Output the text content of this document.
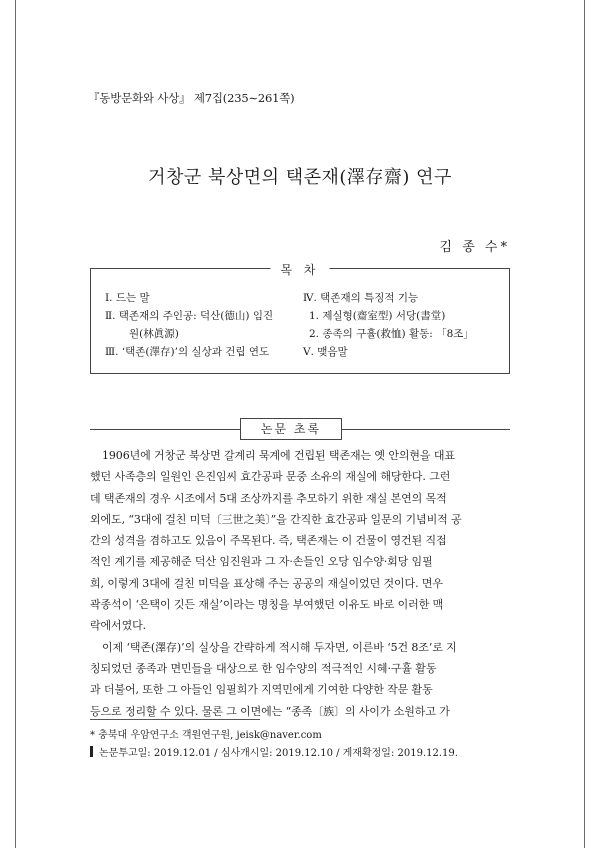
『동방문화와 사상』 제7집(235∼261쪽)
거창군 북상면의 택존재(澤存齋) 연구
김 종 수*
목 차
Ⅰ. 드는 말
Ⅱ. 택존재의 주인공: 덕산(德山) 임진
원(林眞源)
Ⅲ. ‘택존(澤存)’의 실상과 건립 연도
Ⅳ. 택존재의 특징적 기능
1. 제실형(齋室型) 서당(書堂)
2. 종족의 구휼(救恤) 활동: 「8조」
Ⅴ. 맺음말
논문 초록
1906년에 거창군 북상면 갈계리 묵계에 건립된 택존재는 옛 안의현을 대표
했던 사족층의 일원인 은진임씨 효간공파 문중 소유의 재실에 해당한다. 그런
데 택존재의 경우 시조에서 5대 조상까지를 추모하기 위한 재실 본연의 목적
외에도, “3대에 걸친 미덕〔三世之美〕”을 간직한 효간공파 일문의 기념비적 공
간의 성격을 겸하고도 있음이 주목된다. 즉, 택존재는 이 건물이 영건된 직접
적인 계기를 제공해준 덕산 임진원과 그 자·손들인 오당 임수양·회당 임필
희, 이렇게 3대에 걸친 미덕을 표상해 주는 공공의 재실이었던 것이다. 면우
곽종석이 ‘은택이 깃든 재실’이라는 명칭을 부여했던 이유도 바로 이러한 맥
락에서였다.
이제 ‘택존(澤存)’의 실상을 간략하게 적시해 두자면, 이른바 ‘5건 8조’로 지
칭되었던 종족과 면민들을 대상으로 한 임수양의 적극적인 시혜·구휼 활동
과 더불어, 또한 그 아들인 임필희가 지역민에게 기여한 다양한 작문 활동
등으로 정리할 수 있다. 물론 그 이면에는 “종족〔族〕의 사이가 소원하고 가
* 충북대 우암연구소 객원연구원, jeisk@naver.com
논문투고일: 2019.12.01 / 심사개시일: 2019.12.10 / 게재확정일: 2019.12.19.
